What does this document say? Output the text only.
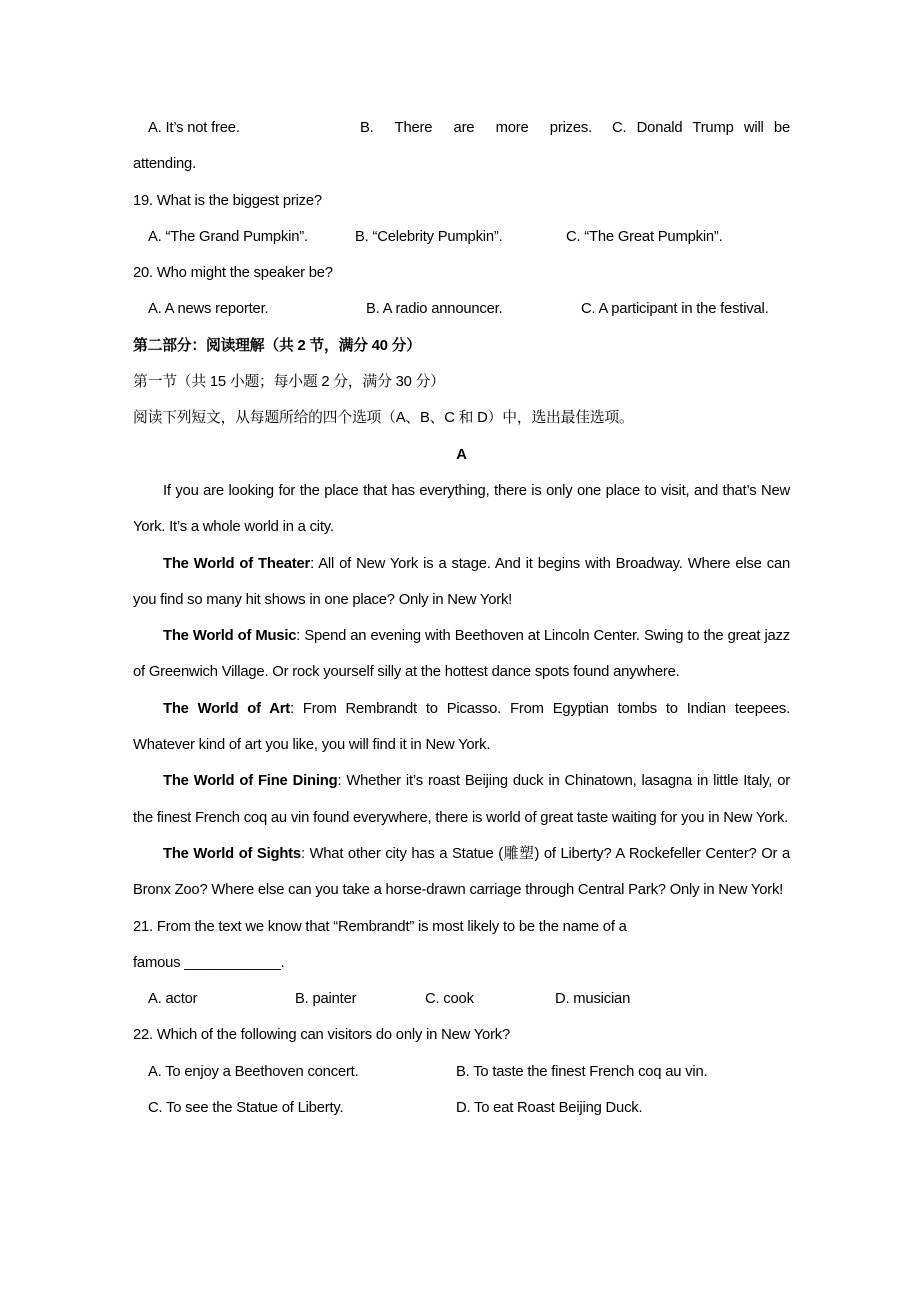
A. It’s not free.	B. There are more prizes. C. Donald Trump will be

attending.

19. What is the biggest prize?

A. “The Grand Pumpkin”.	B. “Celebrity Pumpkin”.	C. “The Great Pumpkin”.

20. Who might the speaker be?

A. A news reporter.	B. A radio announcer.	C. A participant in the festival.

第二部分：阅读理解（共 2 节，满分 40 分）

第一节（共 15 小题；每小题 2 分，满分 30 分）

阅读下列短文，从每题所给的四个选项（A、B、C 和 D）中，选出最佳选项。

A

If you are looking for the place that has everything, there is only one place to visit, and that’s New York. It’s a whole world in a city.

The World of Theater: All of New York is a stage. And it begins with Broadway. Where else can you find so many hit shows in one place? Only in New York!

The World of Music: Spend an evening with Beethoven at Lincoln Center. Swing to the great jazz of Greenwich Village. Or rock yourself silly at the hottest dance spots found anywhere.

The World of Art: From Rembrandt to Picasso. From Egyptian tombs to Indian teepees. Whatever kind of art you like, you will find it in New York.

The World of Fine Dining: Whether it’s roast Beijing duck in Chinatown, lasagna in little Italy, or the finest French coq au vin found everywhere, there is world of great taste waiting for you in New York.

The World of Sights: What other city has a Statue (雕塑) of Liberty? A Rockefeller Center? Or a Bronx Zoo? Where else can you take a horse-drawn carriage through Central Park? Only in New York!

21. From the text we know that “Rembrandt” is most likely to be the name of a

famous ____________.

A. actor	B. painter	C. cook	D. musician

22. Which of the following can visitors do only in New York?

A. To enjoy a Beethoven concert.	B. To taste the finest French coq au vin.
C. To see the Statue of Liberty.	D. To eat Roast Beijing Duck.
